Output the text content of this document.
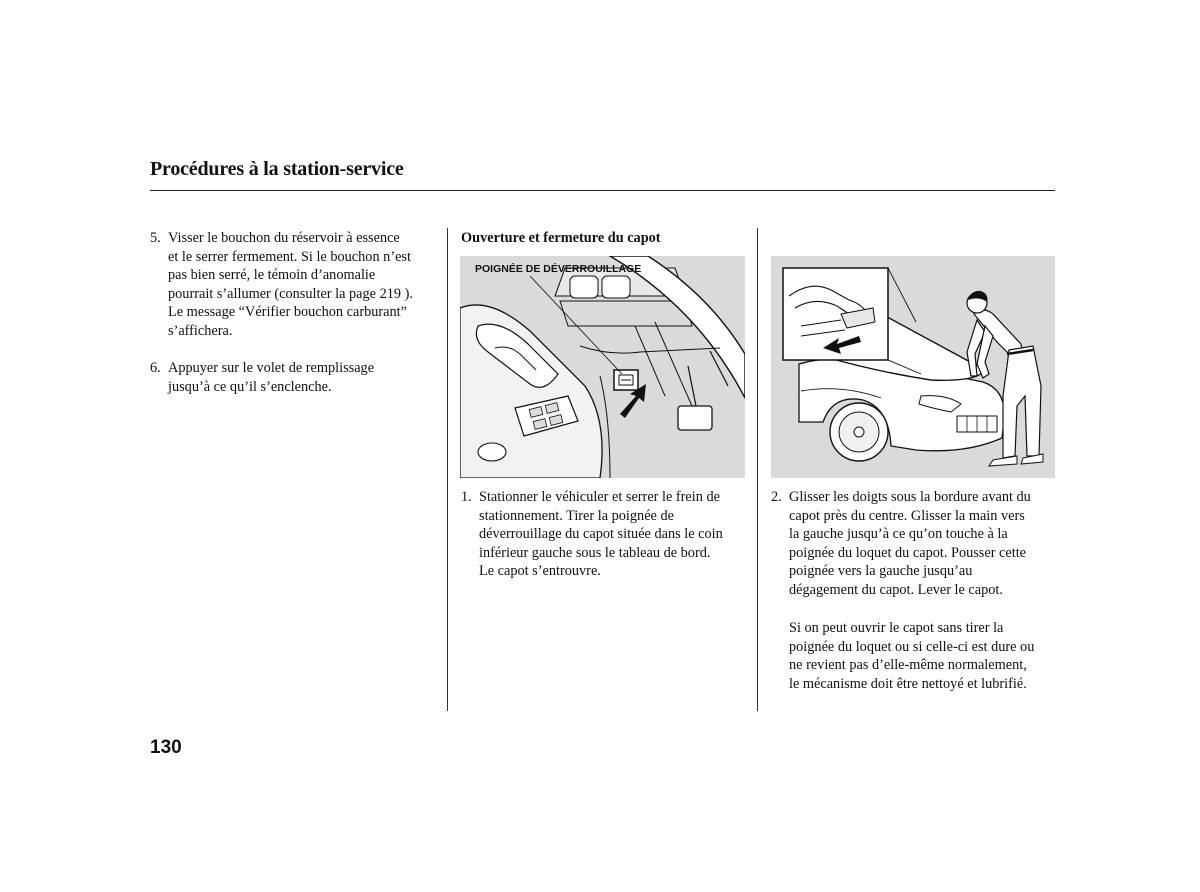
Procédures à la station-service
5. Visser le bouchon du réservoir à essence
et le serrer fermement. Si le bouchon n’est
pas bien serré, le témoin d’anomalie
pourrait s’allumer (consulter la page 219 ).
Le message “Vérifier bouchon carburant”
s’affichera.
6. Appuyer sur le volet de remplissage
jusqu’à ce qu’il s’enclenche.
Ouverture et fermeture du capot
POIGNÉE DE DÉVERROUILLAGE
1. Stationner le véhiculer et serrer le frein de
stationnement. Tirer la poignée de
déverrouillage du capot située dans le coin
inférieur gauche sous le tableau de bord.
Le capot s’entrouvre.
2. Glisser les doigts sous la bordure avant du
capot près du centre. Glisser la main vers
la gauche jusqu’à ce qu’on touche à la
poignée du loquet du capot. Pousser cette
poignée vers la gauche jusqu’au
dégagement du capot. Lever le capot.
Si on peut ouvrir le capot sans tirer la
poignée du loquet ou si celle-ci est dure ou
ne revient pas d’elle-même normalement,
le mécanisme doit être nettoyé et lubrifié.
130
